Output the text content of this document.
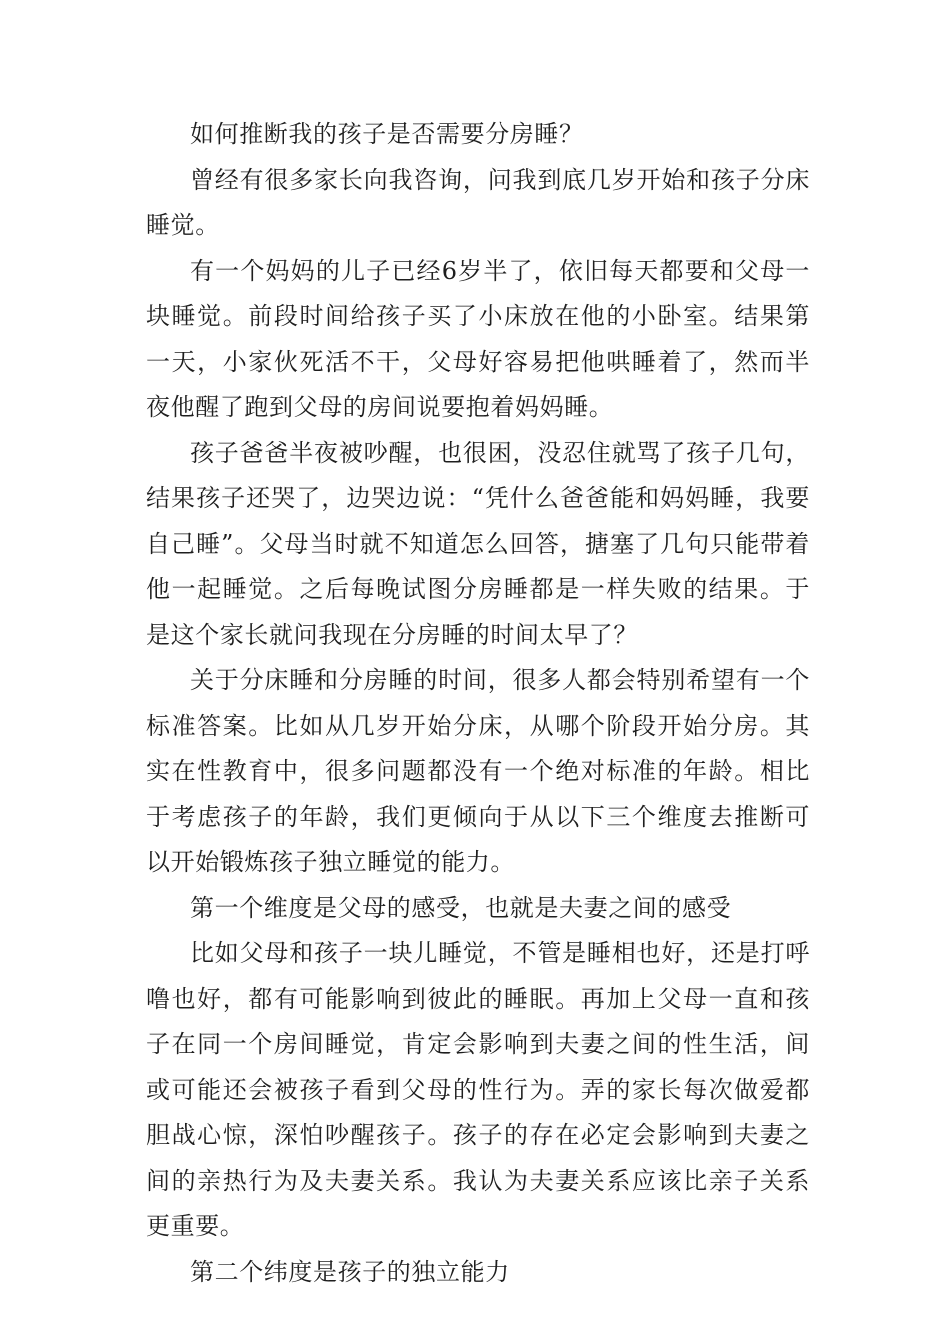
如何推断我的孩子是否需要分房睡？

曾经有很多家长向我咨询，问我到底几岁开始和孩子分床睡觉。

有一个妈妈的儿子已经6岁半了，依旧每天都要和父母一块睡觉。前段时间给孩子买了小床放在他的小卧室。结果第一天，小家伙死活不干，父母好容易把他哄睡着了，然而半夜他醒了跑到父母的房间说要抱着妈妈睡。

孩子爸爸半夜被吵醒，也很困，没忍住就骂了孩子几句，结果孩子还哭了，边哭边说：“凭什么爸爸能和妈妈睡，我要自己睡”。父母当时就不知道怎么回答，搪塞了几句只能带着他一起睡觉。之后每晚试图分房睡都是一样失败的结果。于是这个家长就问我现在分房睡的时间太早了？

关于分床睡和分房睡的时间，很多人都会特别希望有一个标准答案。比如从几岁开始分床，从哪个阶段开始分房。其实在性教育中，很多问题都没有一个绝对标准的年龄。相比于考虑孩子的年龄，我们更倾向于从以下三个维度去推断可以开始锻炼孩子独立睡觉的能力。

第一个维度是父母的感受，也就是夫妻之间的感受

比如父母和孩子一块儿睡觉，不管是睡相也好，还是打呼噜也好，都有可能影响到彼此的睡眠。再加上父母一直和孩子在同一个房间睡觉，肯定会影响到夫妻之间的性生活，间或可能还会被孩子看到父母的性行为。弄的家长每次做爱都胆战心惊，深怕吵醒孩子。孩子的存在必定会影响到夫妻之间的亲热行为及夫妻关系。我认为夫妻关系应该比亲子关系更重要。

第二个纬度是孩子的独立能力
